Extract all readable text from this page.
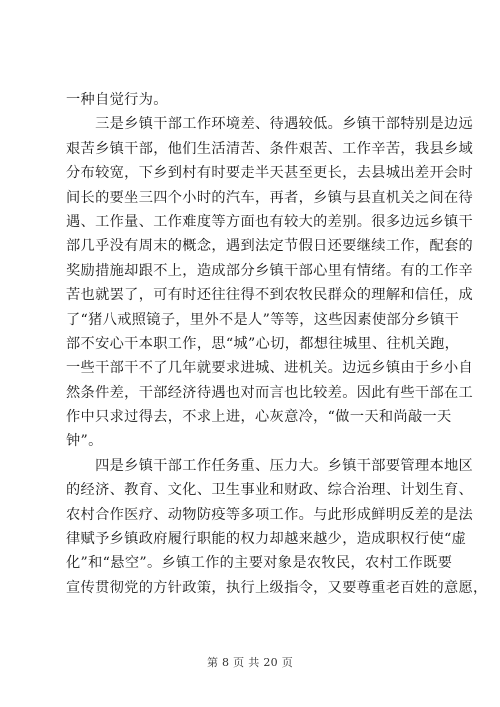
一种自觉行为。
　　三是乡镇干部工作环境差、待遇较低。乡镇干部特别是边远
艰苦乡镇干部，他们生活清苦、条件艰苦、工作辛苦，我县乡域
分布较宽，下乡到村有时要走半天甚至更长，去县城出差开会时
间长的要坐三四个小时的汽车，再者，乡镇与县直机关之间在待
遇、工作量、工作难度等方面也有较大的差别。很多边远乡镇干
部几乎没有周末的概念，遇到法定节假日还要继续工作，配套的
奖励措施却跟不上，造成部分乡镇干部心里有情绪。有的工作辛
苦也就罢了，可有时还往往得不到农牧民群众的理解和信任，成
了“猪八戒照镜子，里外不是人”等等，这些因素使部分乡镇干
部不安心干本职工作，思“城”心切，都想往城里、往机关跑，
一些干部干不了几年就要求进城、进机关。边远乡镇由于乡小自
然条件差，干部经济待遇也对而言也比较差。因此有些干部在工
作中只求过得去，不求上进，心灰意冷，“做一天和尚敲一天
钟”。
　　四是乡镇干部工作任务重、压力大。乡镇干部要管理本地区
的经济、教育、文化、卫生事业和财政、综合治理、计划生育、
农村合作医疗、动物防疫等多项工作。与此形成鲜明反差的是法
律赋予乡镇政府履行职能的权力却越来越少，造成职权行使“虚
化”和“悬空”。乡镇工作的主要对象是农牧民，农村工作既要
宣传贯彻党的方针政策，执行上级指令，又要尊重老百姓的意愿，
第 8 页 共 20 页
